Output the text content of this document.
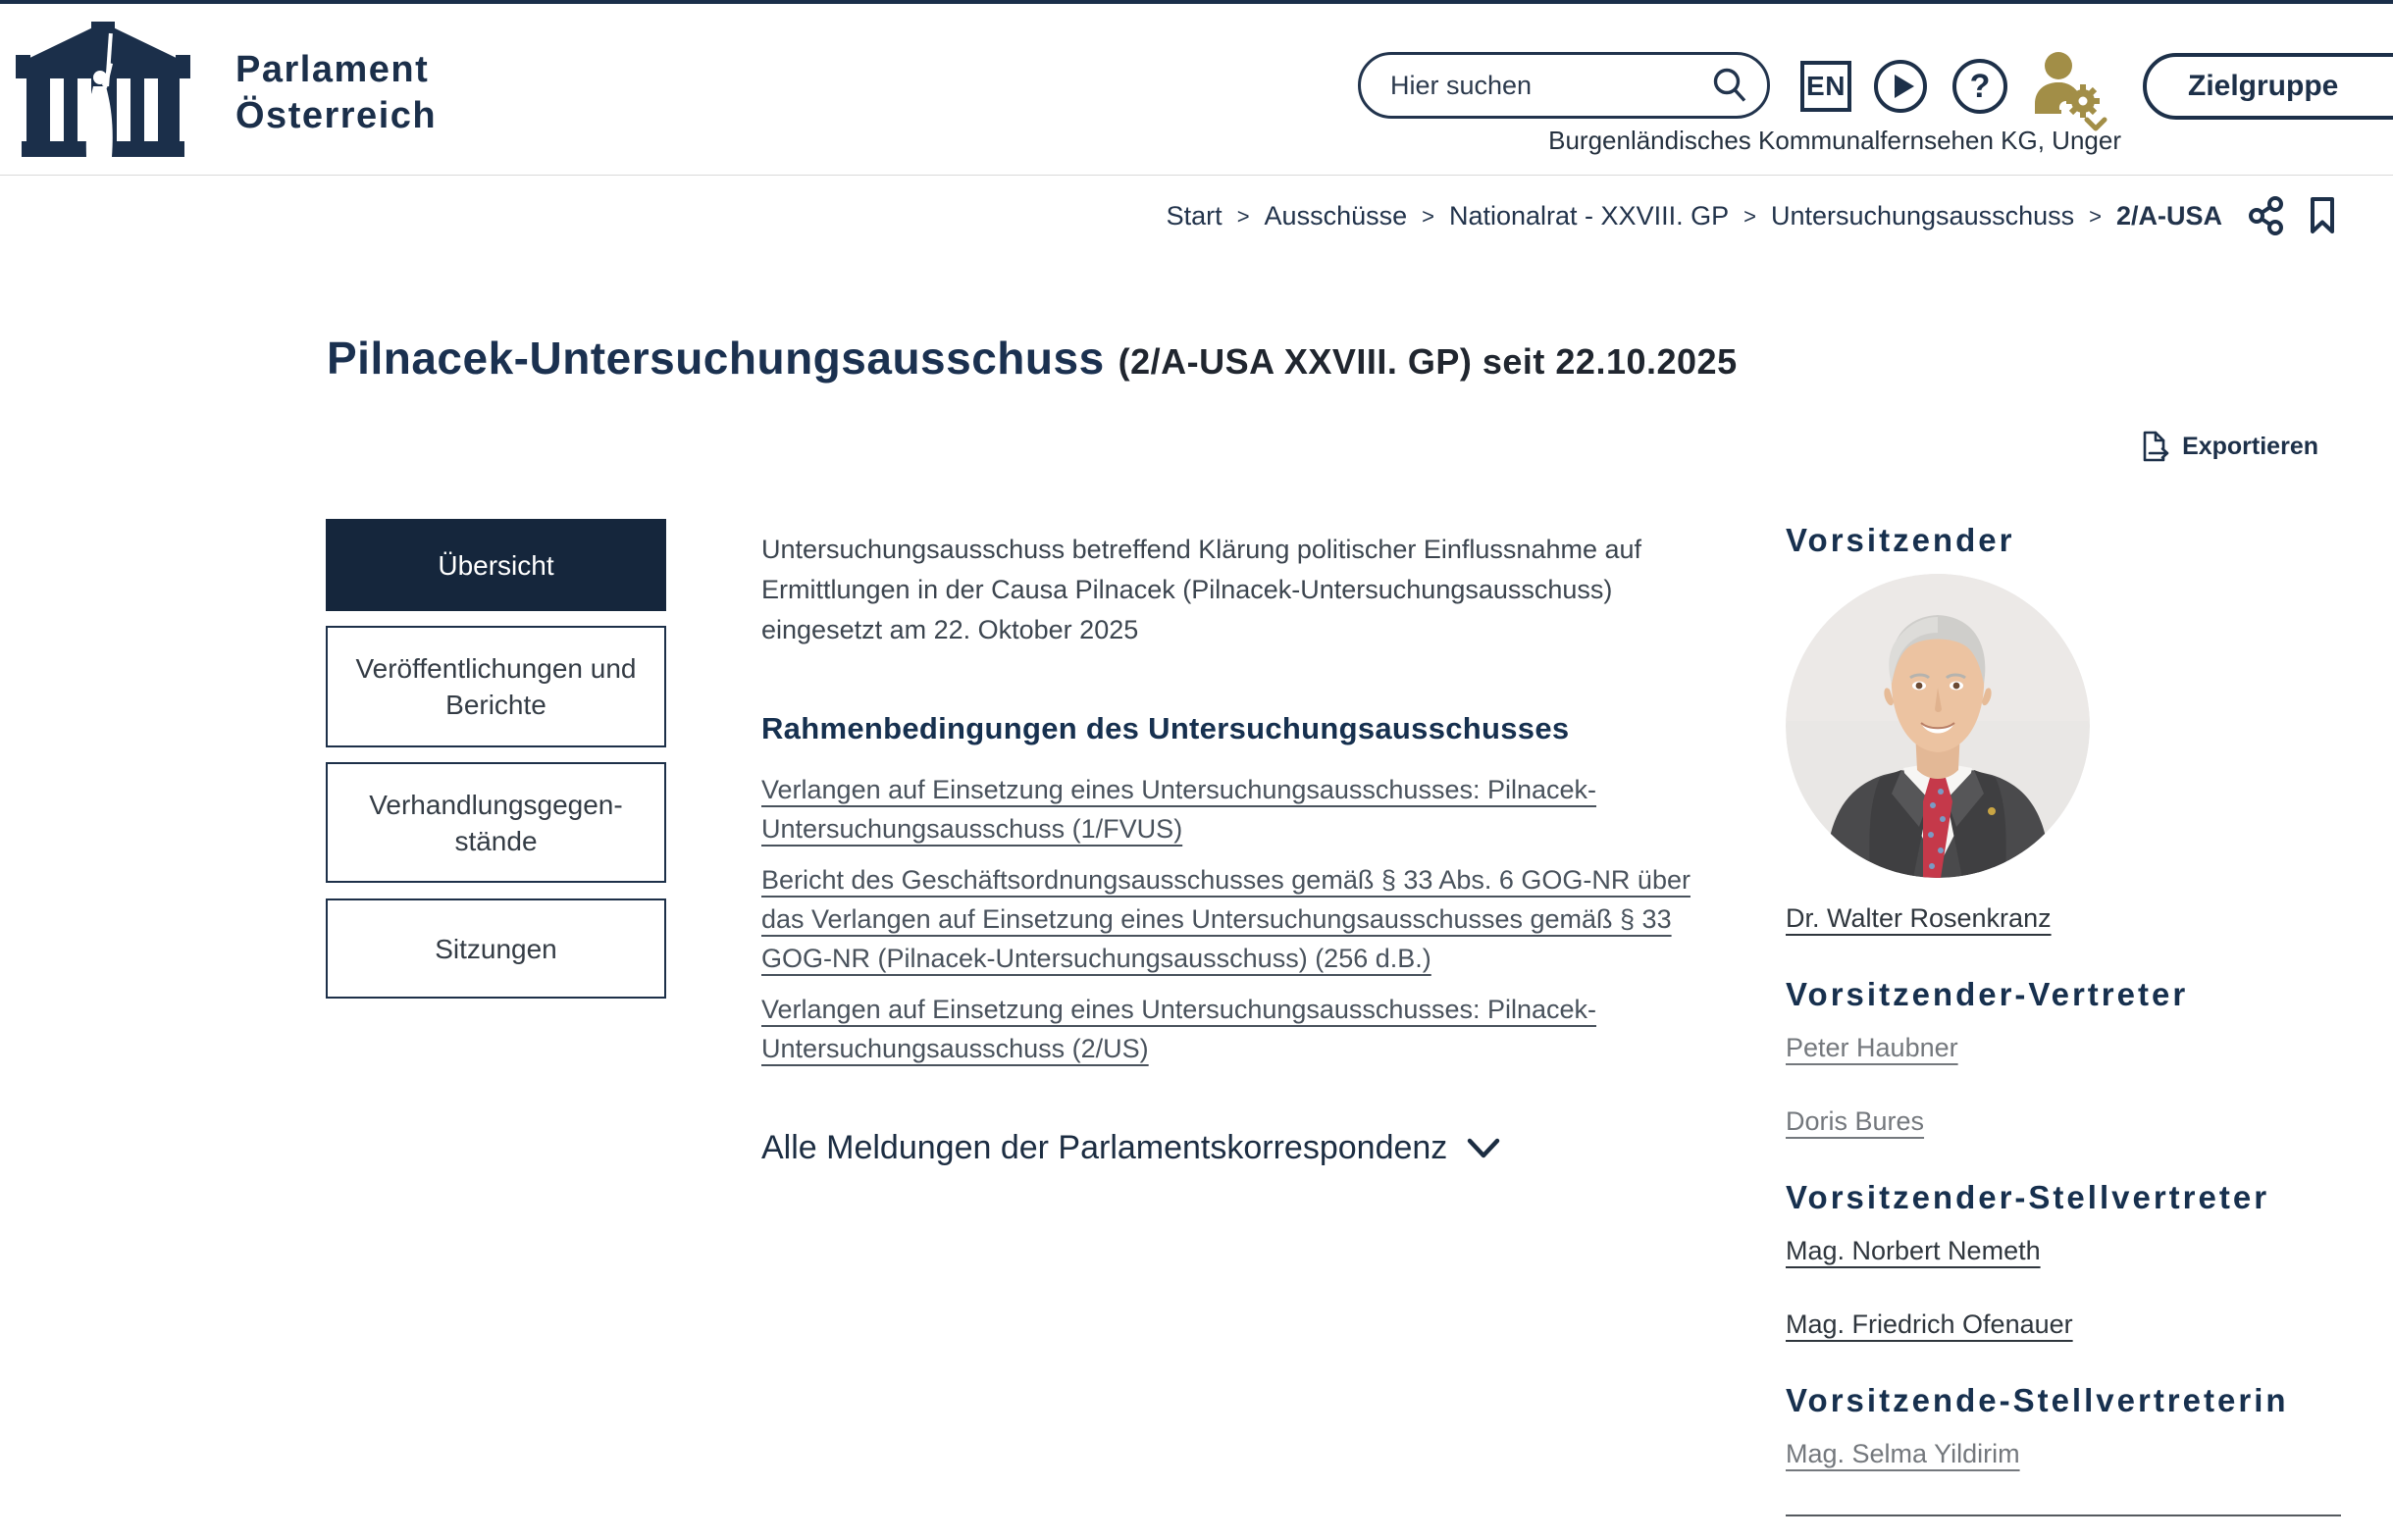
Parlament
Österreich
Hier suchen
EN	?	Zielgruppe
Burgenländisches Kommunalfernsehen KG, Unger
Start > Ausschüsse > Nationalrat - XXVIII. GP > Untersuchungsausschuss > 2/A-USA
Pilnacek-Untersuchungsausschuss (2/A-USA XXVIII. GP) seit 22.10.2025
Exportieren
Übersicht
Veröffentlichungen und Berichte
Verhandlungsgegen-
stände
Sitzungen

Untersuchungsausschuss betreffend Klärung politischer Einflussnahme auf Ermittlungen in der Causa Pilnacek (Pilnacek-Untersuchungsausschuss) eingesetzt am 22. Oktober 2025

Rahmenbedingungen des Untersuchungsausschusses
Verlangen auf Einsetzung eines Untersuchungsausschusses: Pilnacek-Untersuchungsausschuss (1/FVUS)
Bericht des Geschäftsordnungsausschusses gemäß § 33 Abs. 6 GOG-NR über das Verlangen auf Einsetzung eines Untersuchungsausschusses gemäß § 33 GOG-NR (Pilnacek-Untersuchungsausschuss) (256 d.B.)
Verlangen auf Einsetzung eines Untersuchungsausschusses: Pilnacek-Untersuchungsausschuss (2/US)
Alle Meldungen der Parlamentskorrespondenz
Vorsitzender
Dr. Walter Rosenkranz
Vorsitzender-Vertreter
Peter Haubner
Doris Bures
Vorsitzender-Stellvertreter
Mag. Norbert Nemeth
Mag. Friedrich Ofenauer
Vorsitzende-Stellvertreterin
Mag. Selma Yildirim
